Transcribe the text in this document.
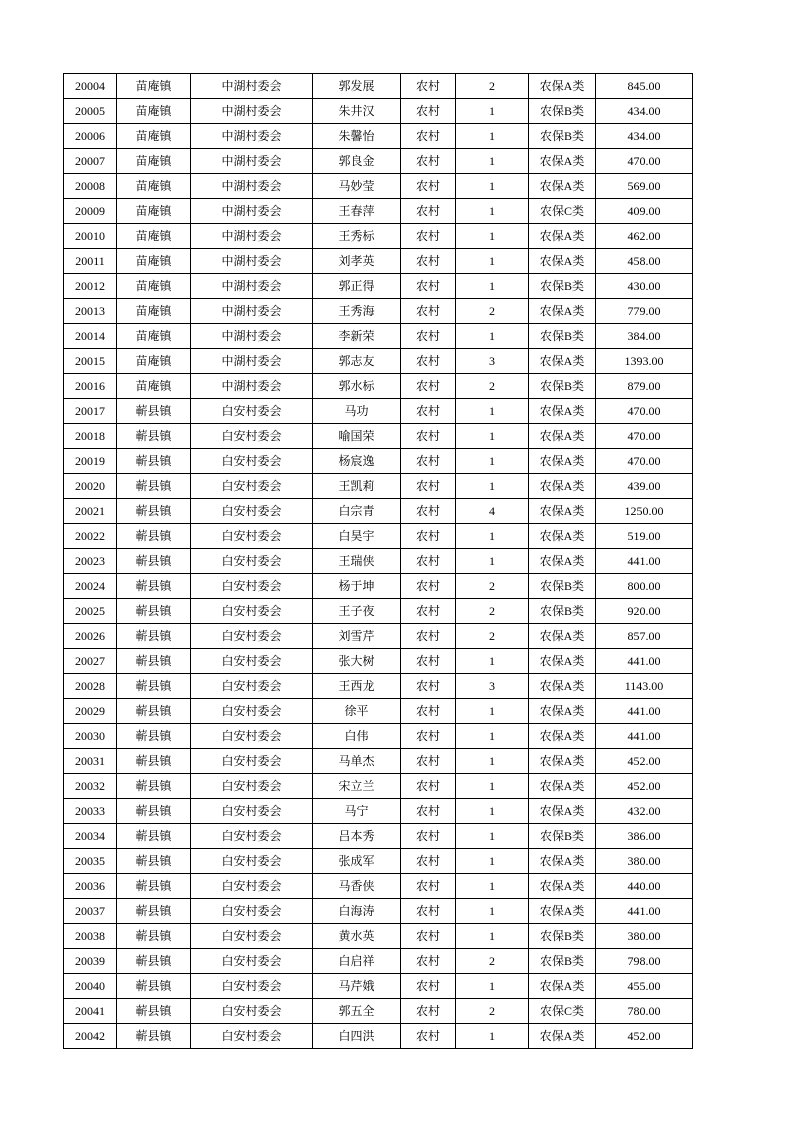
20004	苗庵镇	中湖村委会	郭发展	农村	2	农保A类	845.00
20005	苗庵镇	中湖村委会	朱井汉	农村	1	农保B类	434.00
20006	苗庵镇	中湖村委会	朱馨怡	农村	1	农保B类	434.00
20007	苗庵镇	中湖村委会	郭良金	农村	1	农保A类	470.00
20008	苗庵镇	中湖村委会	马妙莹	农村	1	农保A类	569.00
20009	苗庵镇	中湖村委会	王春萍	农村	1	农保C类	409.00
20010	苗庵镇	中湖村委会	王秀标	农村	1	农保A类	462.00
20011	苗庵镇	中湖村委会	刘孝英	农村	1	农保A类	458.00
20012	苗庵镇	中湖村委会	郭正得	农村	1	农保B类	430.00
20013	苗庵镇	中湖村委会	王秀海	农村	2	农保A类	779.00
20014	苗庵镇	中湖村委会	李新荣	农村	1	农保B类	384.00
20015	苗庵镇	中湖村委会	郭志友	农村	3	农保A类	1393.00
20016	苗庵镇	中湖村委会	郭水标	农村	2	农保B类	879.00
20017	蕲县镇	白安村委会	马功	农村	1	农保A类	470.00
20018	蕲县镇	白安村委会	喻国荣	农村	1	农保A类	470.00
20019	蕲县镇	白安村委会	杨宸逸	农村	1	农保A类	470.00
20020	蕲县镇	白安村委会	王凯莉	农村	1	农保A类	439.00
20021	蕲县镇	白安村委会	白宗青	农村	4	农保A类	1250.00
20022	蕲县镇	白安村委会	白昊宇	农村	1	农保A类	519.00
20023	蕲县镇	白安村委会	王瑞侠	农村	1	农保A类	441.00
20024	蕲县镇	白安村委会	杨于坤	农村	2	农保B类	800.00
20025	蕲县镇	白安村委会	王子夜	农村	2	农保B类	920.00
20026	蕲县镇	白安村委会	刘雪芹	农村	2	农保A类	857.00
20027	蕲县镇	白安村委会	张大树	农村	1	农保A类	441.00
20028	蕲县镇	白安村委会	王西龙	农村	3	农保A类	1143.00
20029	蕲县镇	白安村委会	徐平	农村	1	农保A类	441.00
20030	蕲县镇	白安村委会	白伟	农村	1	农保A类	441.00
20031	蕲县镇	白安村委会	马单杰	农村	1	农保A类	452.00
20032	蕲县镇	白安村委会	宋立兰	农村	1	农保A类	452.00
20033	蕲县镇	白安村委会	马宁	农村	1	农保A类	432.00
20034	蕲县镇	白安村委会	吕本秀	农村	1	农保B类	386.00
20035	蕲县镇	白安村委会	张成军	农村	1	农保A类	380.00
20036	蕲县镇	白安村委会	马香侠	农村	1	农保A类	440.00
20037	蕲县镇	白安村委会	白海涛	农村	1	农保A类	441.00
20038	蕲县镇	白安村委会	黄水英	农村	1	农保B类	380.00
20039	蕲县镇	白安村委会	白启祥	农村	2	农保B类	798.00
20040	蕲县镇	白安村委会	马芹娥	农村	1	农保A类	455.00
20041	蕲县镇	白安村委会	郭五全	农村	2	农保C类	780.00
20042	蕲县镇	白安村委会	白四洪	农村	1	农保A类	452.00
